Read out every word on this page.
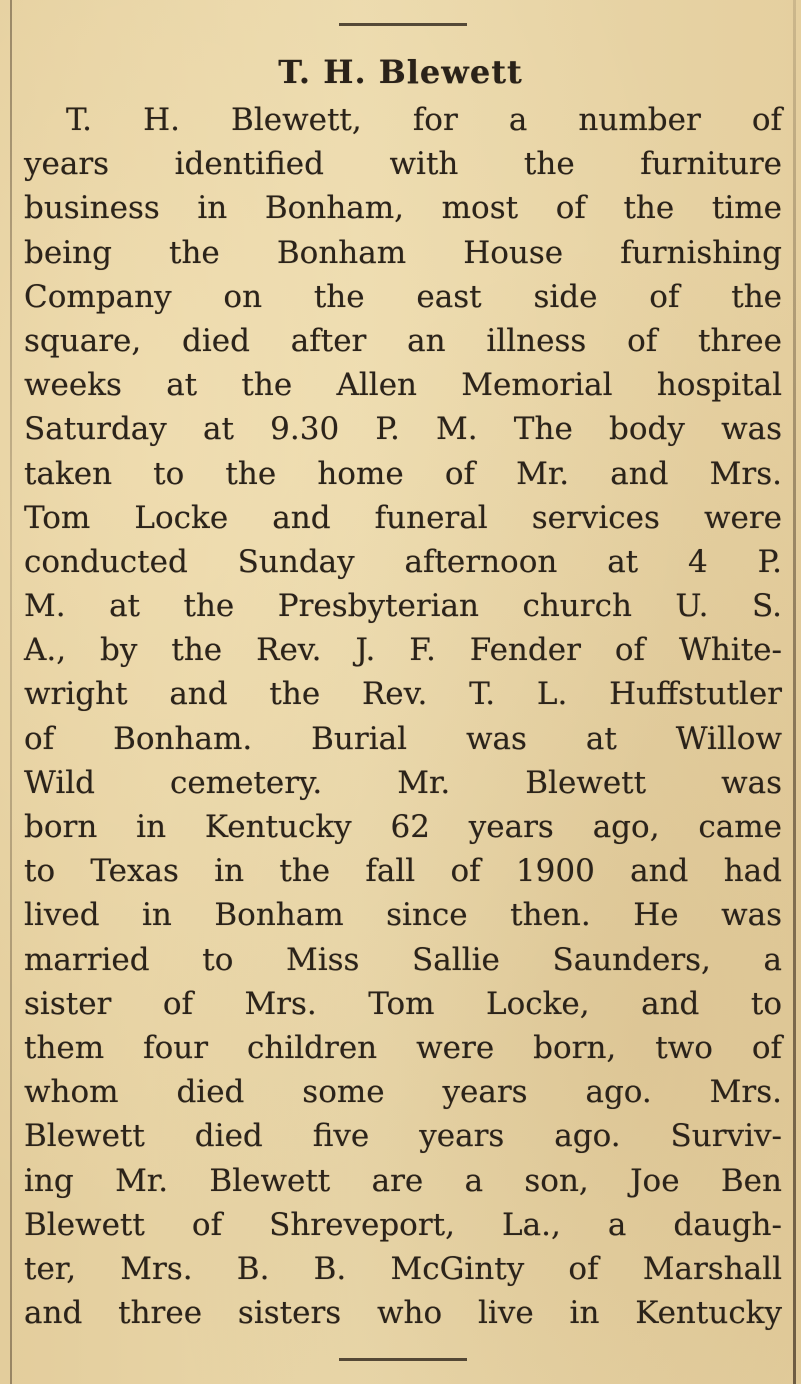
T. H. Blewett
T. H. Blewett, for a number of
years identified with the furniture
business in Bonham, most of the time
being the Bonham House furnishing
Company on the east side of the
square, died after an illness of three
weeks at the Allen Memorial hospital
Saturday at 9.30 P. M. The body was
taken to the home of Mr. and Mrs.
Tom Locke and funeral services were
conducted Sunday afternoon at 4 P.
M. at the Presbyterian church U. S.
A., by the Rev. J. F. Fender of White-
wright and the Rev. T. L. Huffstutler
of Bonham. Burial was at Willow
Wild cemetery. Mr. Blewett was
born in Kentucky 62 years ago, came
to Texas in the fall of 1900 and had
lived in Bonham since then. He was
married to Miss Sallie Saunders, a
sister of Mrs. Tom Locke, and to
them four children were born, two of
whom died some years ago. Mrs.
Blewett died five years ago. Surviv-
ing Mr. Blewett are a son, Joe Ben
Blewett of Shreveport, La., a daugh-
ter, Mrs. B. B. McGinty of Marshall
and three sisters who live in Kentucky
